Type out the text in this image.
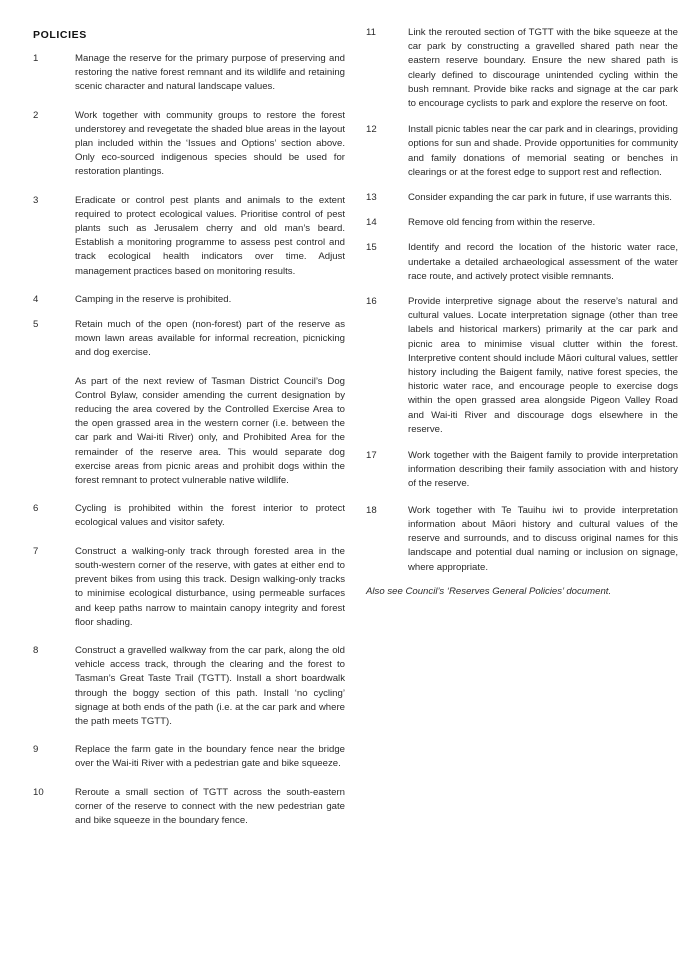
POLICIES
1	Manage the reserve for the primary purpose of preserving and restoring the native forest remnant and its wildlife and retaining scenic character and natural landscape values.

2	Work together with community groups to restore the forest understorey and revegetate the shaded blue areas in the layout plan included within the ‘Issues and Options’ section above. Only eco-sourced indigenous species should be used for restoration plantings.

3	Eradicate or control pest plants and animals to the extent required to protect ecological values. Prioritise control of pest plants such as Jerusalem cherry and old man’s beard. Establish a monitoring programme to assess pest control and track ecological health indicators over time. Adjust management practices based on monitoring results.

4	Camping in the reserve is prohibited.

5	Retain much of the open (non-forest) part of the reserve as mown lawn areas available for informal recreation, picnicking and dog exercise.

As part of the next review of Tasman District Council’s Dog Control Bylaw, consider amending the current designation by reducing the area covered by the Controlled Exercise Area to the open grassed area in the western corner (i.e. between the car park and Wai-iti River) only, and Prohibited Area for the remainder of the reserve area. This would separate dog exercise areas from picnic areas and prohibit dogs within the forest remnant to protect vulnerable native wildlife.

6	Cycling is prohibited within the forest interior to protect ecological values and visitor safety.

7	Construct a walking-only track through forested area in the south-western corner of the reserve, with gates at either end to prevent bikes from using this track. Design walking-only tracks to minimise ecological disturbance, using permeable surfaces and keep paths narrow to maintain canopy integrity and forest floor shading.

8	Construct a gravelled walkway from the car park, along the old vehicle access track, through the clearing and the forest to Tasman’s Great Taste Trail (TGTT). Install a short boardwalk through the boggy section of this path. Install ‘no cycling’ signage at both ends of the path (i.e. at the car park and where the path meets TGTT).

9	Replace the farm gate in the boundary fence near the bridge over the Wai-iti River with a pedestrian gate and bike squeeze.

10	Reroute a small section of TGTT across the south-eastern corner of the reserve to connect with the new pedestrian gate and bike squeeze in the boundary fence.

11	Link the rerouted section of TGTT with the bike squeeze at the car park by constructing a gravelled shared path near the eastern reserve boundary. Ensure the new shared path is clearly defined to discourage unintended cycling within the bush remnant. Provide bike racks and signage at the car park to encourage cyclists to park and explore the reserve on foot.

12	Install picnic tables near the car park and in clearings, providing options for sun and shade. Provide opportunities for community and family donations of memorial seating or benches in clearings or at the forest edge to support rest and reflection.

13	Consider expanding the car park in future, if use warrants this.

14	Remove old fencing from within the reserve.

15	Identify and record the location of the historic water race, undertake a detailed archaeological assessment of the water race route, and actively protect visible remnants.

16	Provide interpretive signage about the reserve’s natural and cultural values. Locate interpretation signage (other than tree labels and historical markers) primarily at the car park and picnic area to minimise visual clutter within the forest. Interpretive content should include Māori cultural values, settler history including the Baigent family, native forest species, the historic water race, and encourage people to exercise dogs within the open grassed area alongside Pigeon Valley Road and Wai-iti River and discourage dogs elsewhere in the reserve.

17	Work together with the Baigent family to provide interpretation information describing their family association with and history of the reserve.

18	Work together with Te Tauihu iwi to provide interpretation information about Māori history and cultural values of the reserve and surrounds, and to discuss original names for this landscape and potential dual naming or inclusion on signage, where appropriate.

Also see Council’s ‘Reserves General Policies’ document.
